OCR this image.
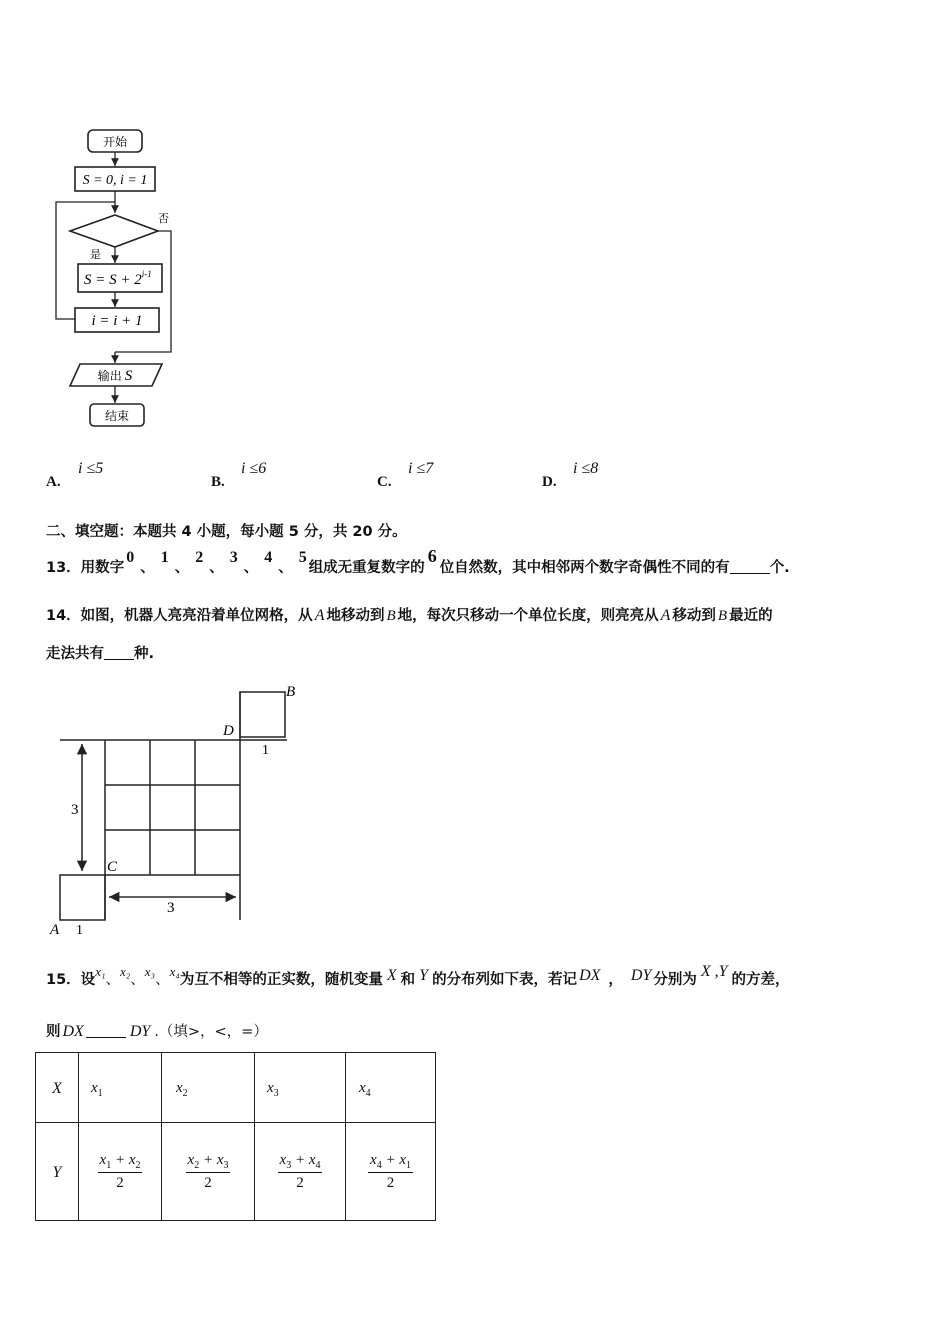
开始
S = 0, i = 1
否
是
$S = S + 2^{i-1}$
i = i + 1
输出 S
结束
A.
i ≤5
B.
i ≤6
C.
i ≤7
D.
i ≤8
二、填空题：本题共 4 小题，每小题 5 分，共 20 分。
13．用数字0、1、2、3、4、5组成无重复数字的6位自然数，其中相邻两个数字奇偶性不同的有	个.
14．如图，机器人亮亮沿着单位网格，从 A 地移动到 B 地，每次只移动一个单位长度，则亮亮从 A 移动到 B 最近的
走法共有 种.
3
3
B
D
C
A
1
1
15．设x₁、x₂、x₃、x₄为互不相等的正实数，随机变量 X 和 Y 的分布列如下表，若记 DX ， DY 分别为 X ,Y 的方差，
则 DX	DY .（填>，<，=）
X	$x_1$	$x_2$	$x_3$	$x_4$
Y	$\frac{x_1 + x_2}{2}$	$\frac{x_2 + x_3}{2}$	$\frac{x_3 + x_4}{2}$	$\frac{x_4 + x_1}{2}$
